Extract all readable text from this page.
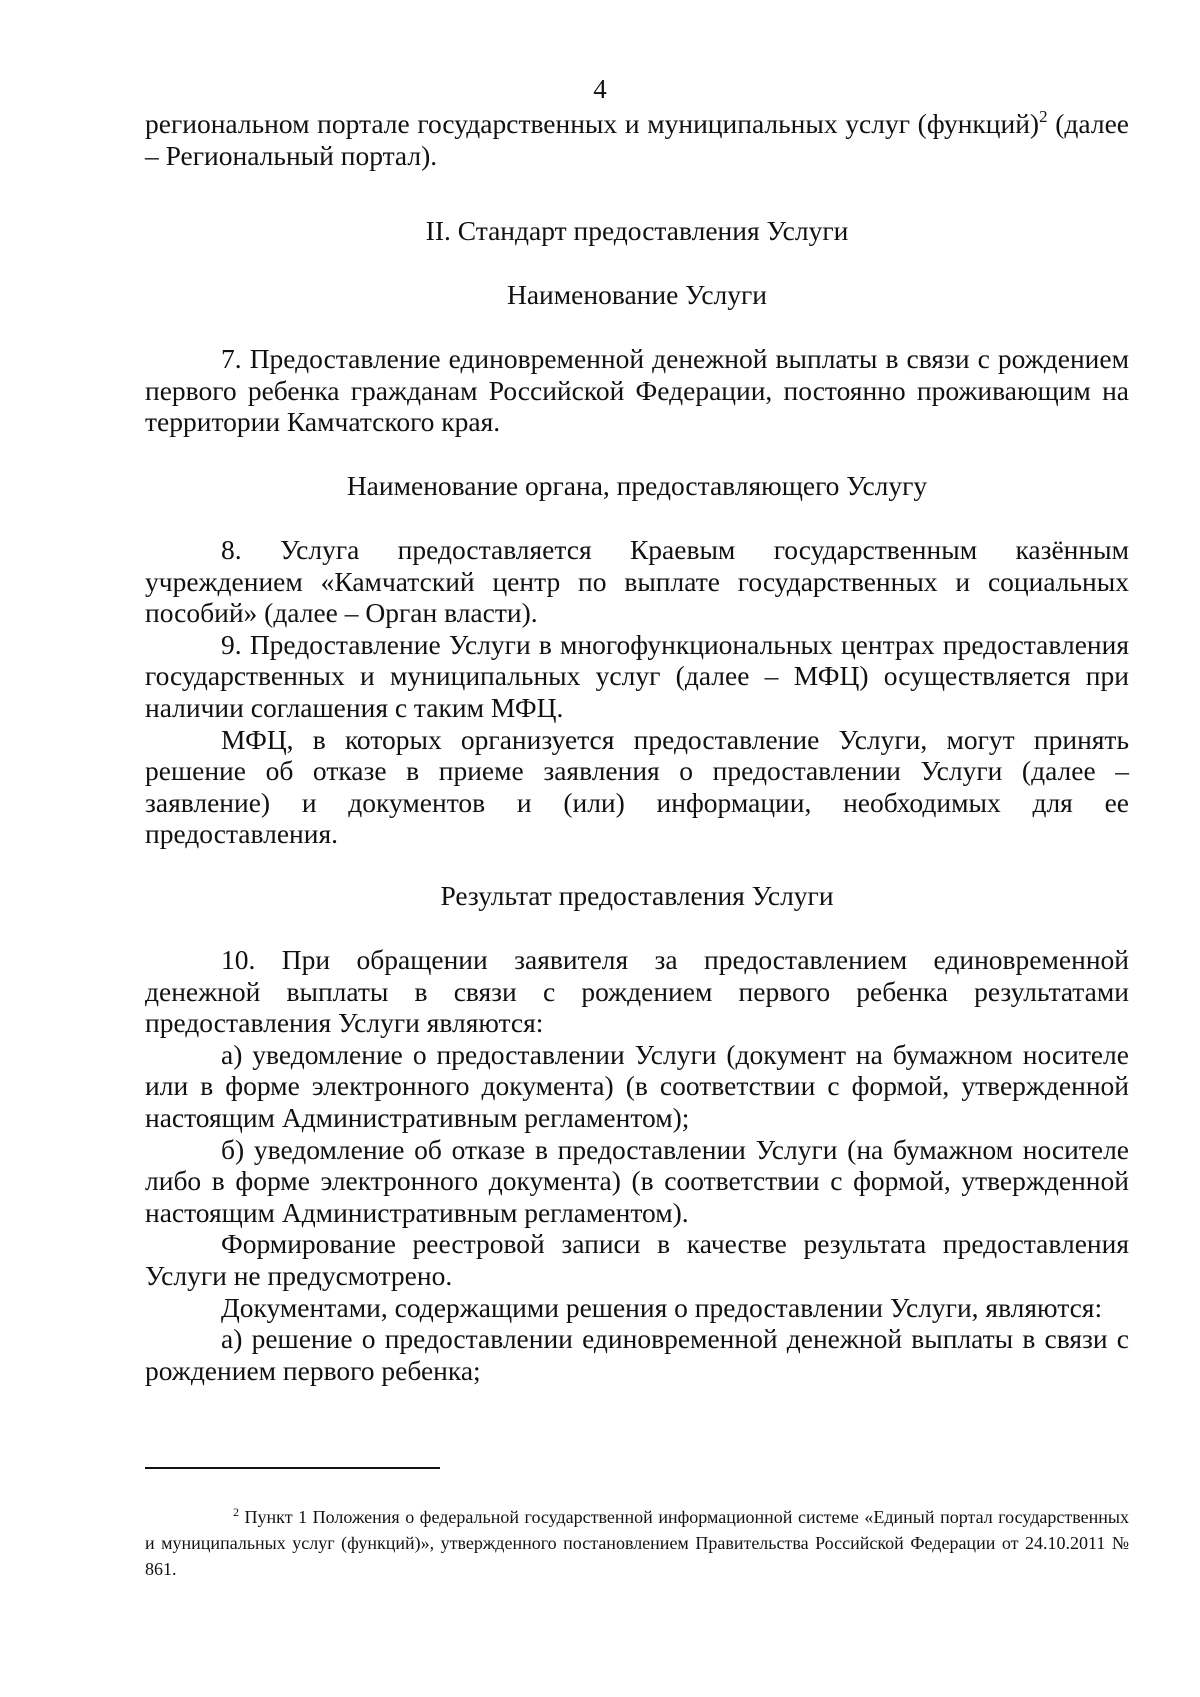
4

региональном портале государственных и муниципальных услуг (функций)$^2$ (далее – Региональный портал).

II. Стандарт предоставления Услуги
Наименование Услуги

7. Предоставление единовременной денежной выплаты в связи с рождением первого ребенка гражданам Российской Федерации, постоянно проживающим на территории Камчатского края.

Наименование органа, предоставляющего Услугу

8. Услуга предоставляется Краевым государственным казённым учреждением «Камчатский центр по выплате государственных и социальных пособий» (далее – Орган власти).

9. Предоставление Услуги в многофункциональных центрах предоставления государственных и муниципальных услуг (далее – МФЦ) осуществляется при наличии соглашения с таким МФЦ.

МФЦ, в которых организуется предоставление Услуги, могут принять решение об отказе в приеме заявления о предоставлении Услуги (далее – заявление) и документов и (или) информации, необходимых для ее предоставления.

Результат предоставления Услуги

10. При обращении заявителя за предоставлением единовременной денежной выплаты в связи с рождением первого ребенка результатами предоставления Услуги являются:

а) уведомление о предоставлении Услуги (документ на бумажном носителе или в форме электронного документа) (в соответствии с формой, утвержденной настоящим Административным регламентом);

б) уведомление об отказе в предоставлении Услуги (на бумажном носителе либо в форме электронного документа) (в соответствии с формой, утвержденной настоящим Административным регламентом).

Формирование реестровой записи в качестве результата предоставления Услуги не предусмотрено.

Документами, содержащими решения о предоставлении Услуги, являются:

а) решение о предоставлении единовременной денежной выплаты в связи с рождением первого ребенка;

$^2$ Пункт 1 Положения о федеральной государственной информационной системе «Единый портал государственных и муниципальных услуг (функций)», утвержденного постановлением Правительства Российской Федерации от 24.10.2011 № 861.
